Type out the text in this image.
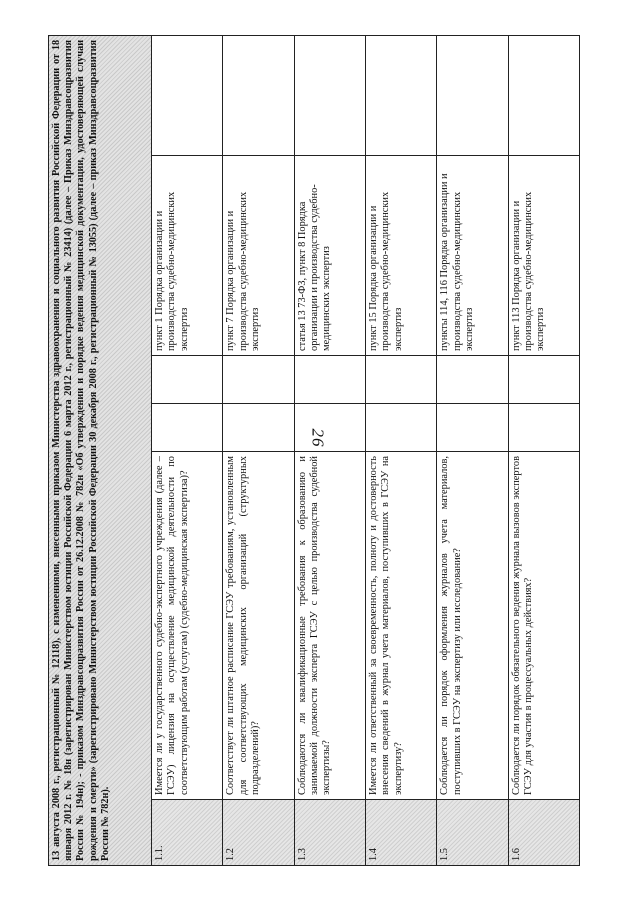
26
13 августа 2008 г., регистрационный № 12118), с изменениями, внесенными приказом Министерства здравоохранения и социального развития Российской Федерации от 18 января 2012 г. № 18н (зарегистрирован Министерством юстиции Российской Федерации 6 марта 2012 г., регистрационный № 23414) (далее – Приказ Минздравсоцразвития России № 194н); - приказом Минздравсоцразвития России от 26.12.2008 № 782н «Об утверждении и порядке ведения медицинской документации, удостоверяющей случаи рождения и смерти» (зарегистрировано Министерством юстиции Российской Федерации 30 декабря 2008 г., регистрационный № 13055) (далее – приказ Минздравсоцразвития России № 782н).					
1.1.	Имеется ли у государственного судебно-экспертного учреждения (далее – ГСЭУ) лицензия на осуществление медицинской деятельности по соответствующим работам (услугам) (судебно-медицинская экспертиза)?			пункт 1 Порядка организации и производства судебно-медицинских экспертиз	
1.2	Соответствует ли штатное расписание ГСЭУ требованиям, установленным для соответствующих медицинских организаций (структурных подразделений)?			пункт 7 Порядка организации и производства судебно-медицинских экспертиз	
1.3	Соблюдаются ли квалификационные требования к образованию и занимаемой должности эксперта ГСЭУ с целью производства судебной экспертизы?			статья 13 73-ФЗ, пункт 8 Порядка организации и производства судебно-медицинских экспертиз	
1.4	Имеется ли ответственный за своевременность, полноту и достоверность внесения сведений в журнал учета материалов, поступивших в ГСЭУ на экспертизу?			пункт 15 Порядка организации и производства судебно-медицинских экспертиз	
1.5	Соблюдается ли порядок оформления журналов учета материалов, поступивших в ГСЭУ на экспертизу или исследование?			пункты 114, 116 Порядка организации и производства судебно-медицинских экспертиз	
1.6	Соблюдается ли порядок обязательного ведения журнала вызовов экспертов ГСЭУ для участия в процессуальных действиях?			пункт 113 Порядка организации и производства судебно-медицинских экспертиз	
